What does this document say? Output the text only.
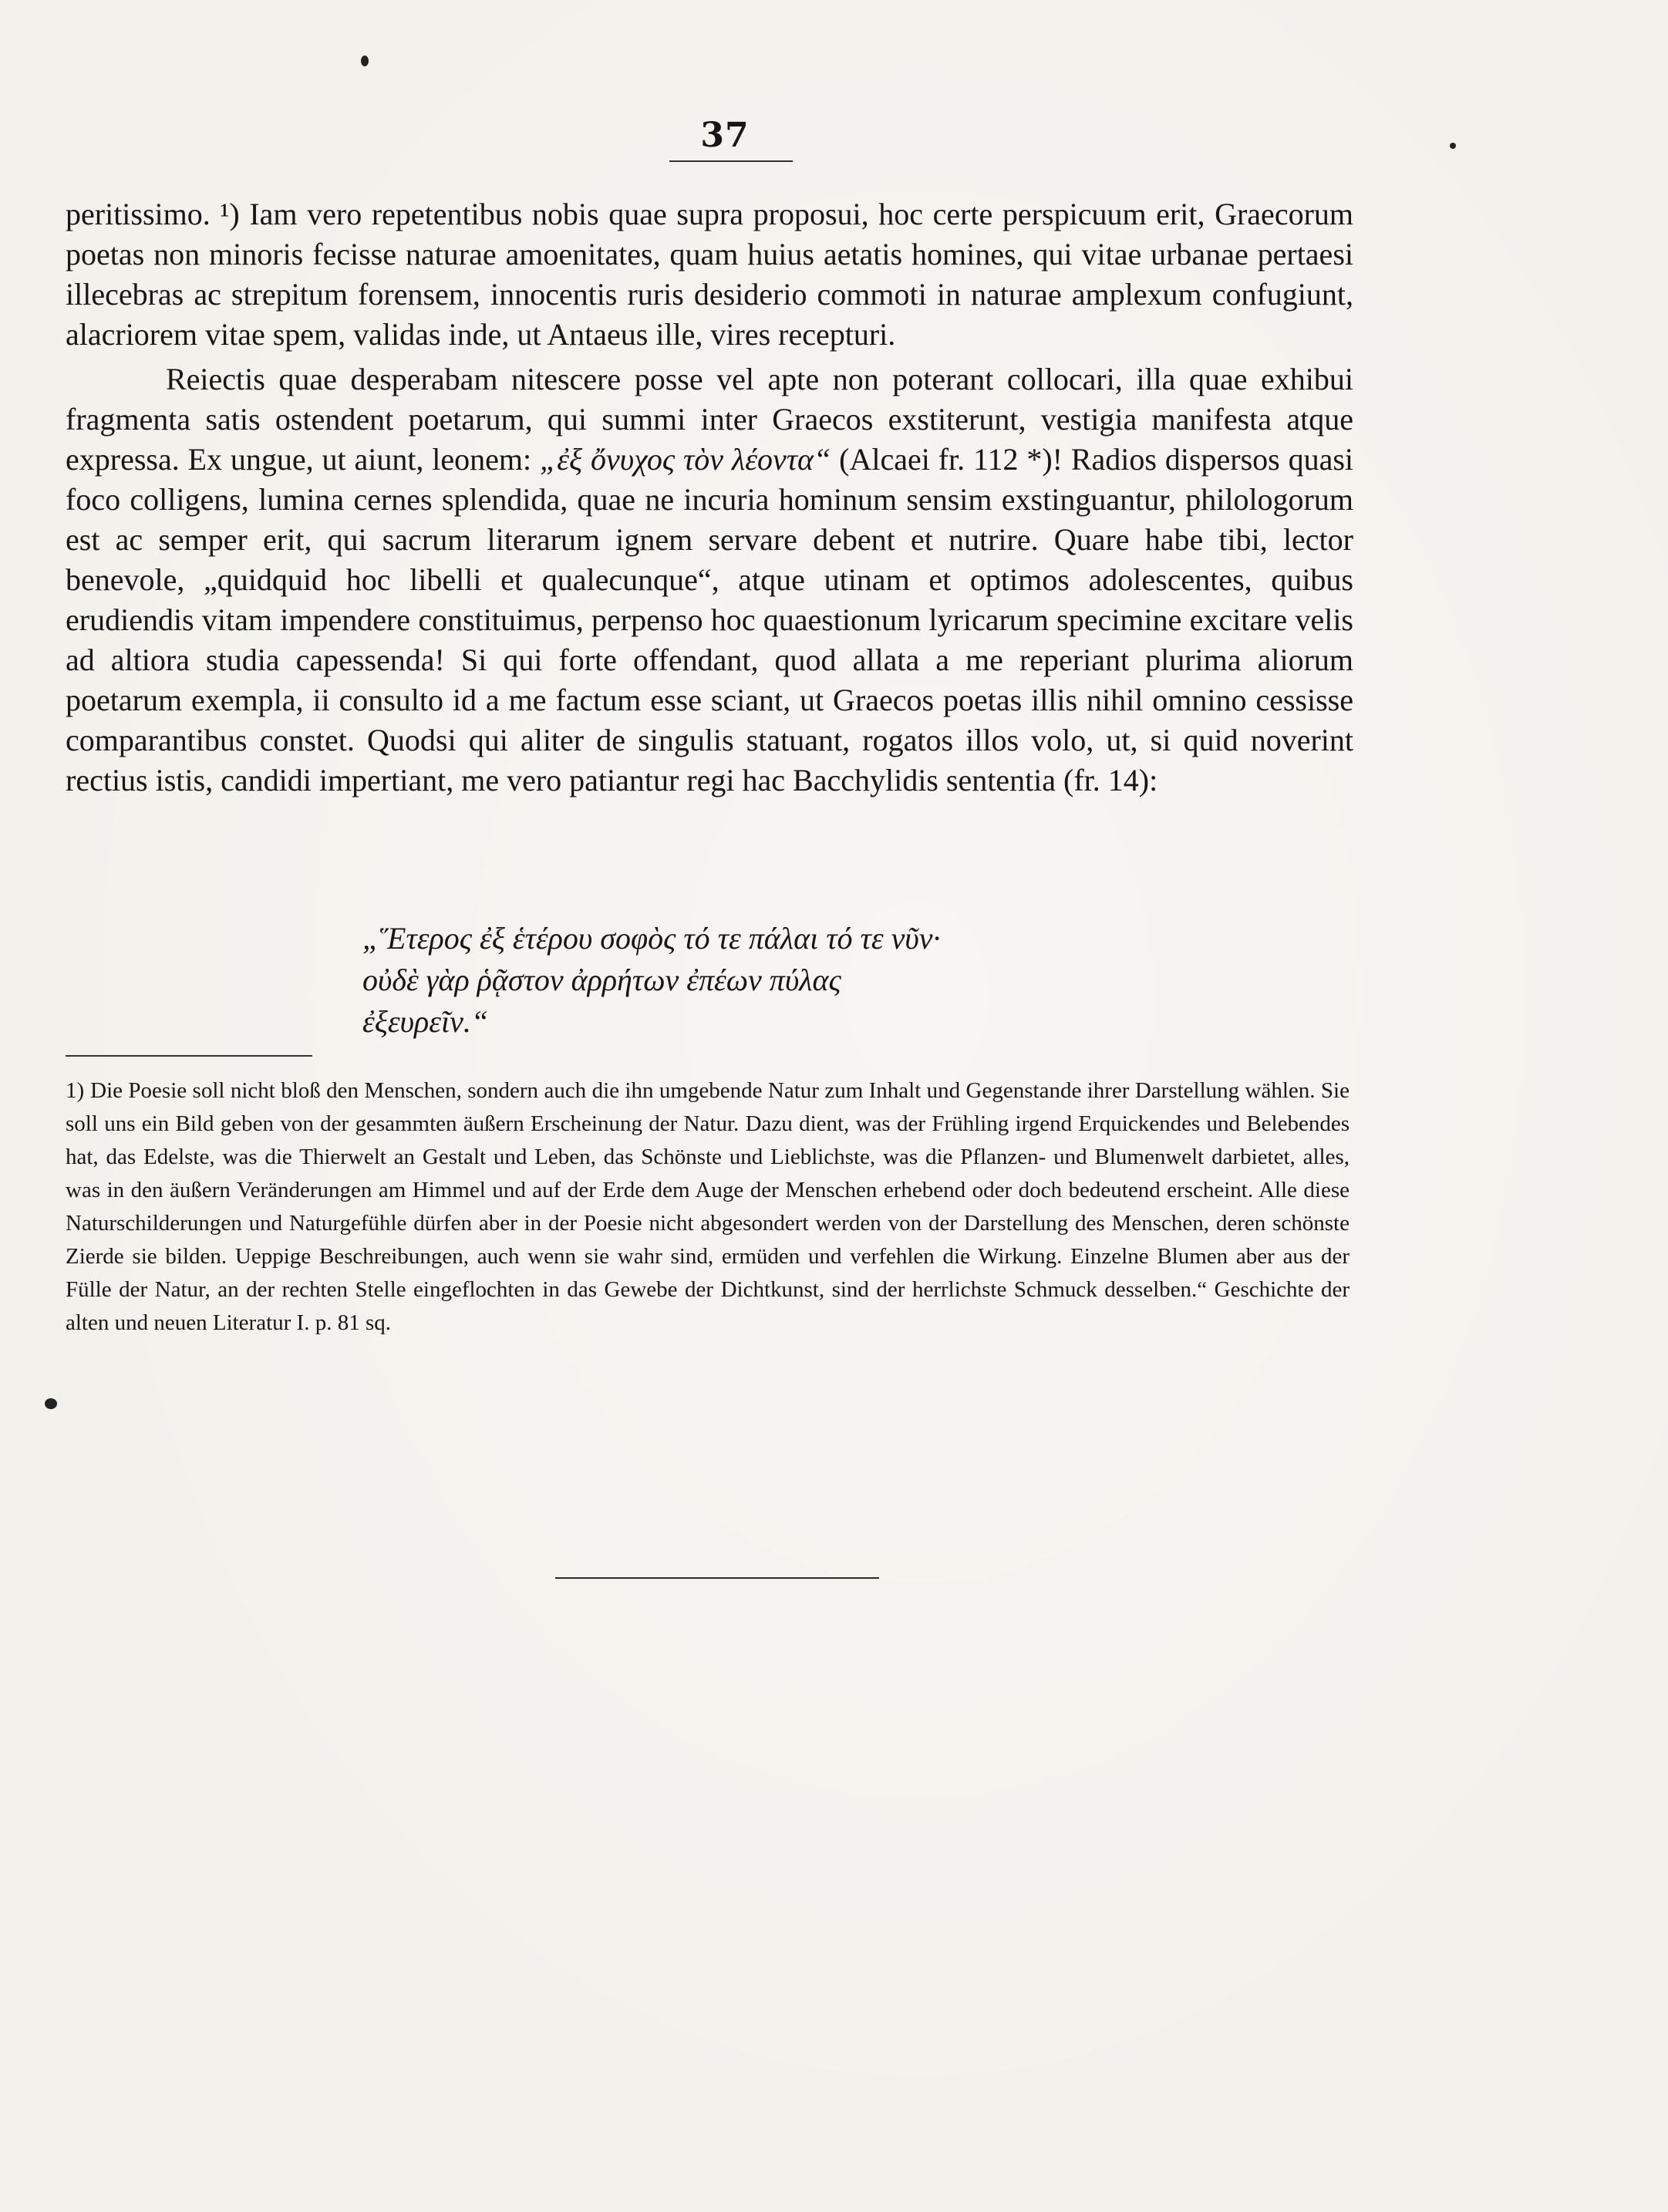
37

peritissimo. ¹) Iam vero repetentibus nobis quae supra proposui, hoc certe perspicuum erit, Graecorum poetas non minoris fecisse naturae amoenitates, quam huius aetatis homines, qui vitae urbanae pertaesi illecebras ac strepitum forensem, innocentis ruris desiderio commoti in naturae amplexum confugiunt, alacriorem vitae spem, validas inde, ut Antaeus ille, vires recepturi.

Reiectis quae desperabam nitescere posse vel apte non poterant collocari, illa quae exhibui fragmenta satis ostendent poetarum, qui summi inter Graecos exstiterunt, vestigia manifesta atque expressa. Ex ungue, ut aiunt, leonem: „ἐξ ὄνυχος τὸν λέοντα“ (Alcaei fr. 112 *)! Radios dispersos quasi foco colligens, lumina cernes splendida, quae ne incuria hominum sensim exstinguantur, philologorum est ac semper erit, qui sacrum literarum ignem servare debent et nutrire. Quare habe tibi, lector benevole, „quidquid hoc libelli et qualecunque“, atque utinam et optimos adolescentes, quibus erudiendis vitam impendere constituimus, perpenso hoc quaestionum lyricarum specimine excitare velis ad altiora studia capessenda! Si qui forte offendant, quod allata a me reperiant plurima aliorum poetarum exempla, ii consulto id a me factum esse sciant, ut Graecos poetas illis nihil omnino cessisse comparantibus constet. Quodsi qui aliter de singulis statuant, rogatos illos volo, ut, si quid noverint rectius istis, candidi impertiant, me vero patiantur regi hac Bacchylidis sententia (fr. 14):

„Ἕτερος ἐξ ἑτέρου σοφὸς τό τε πάλαι τό τε νῦν·
οὐδὲ γὰρ ῥᾷστον ἀρρήτων ἐπέων πύλας
ἐξευρεῖν.“
1) Die Poesie soll nicht bloß den Menschen, sondern auch die ihn umgebende Natur zum Inhalt und Gegenstande ihrer Darstellung wählen. Sie soll uns ein Bild geben von der gesammten äußern Erscheinung der Natur. Dazu dient, was der Frühling irgend Erquickendes und Belebendes hat, das Edelste, was die Thierwelt an Gestalt und Leben, das Schönste und Lieblichste, was die Pflanzen- und Blumenwelt darbietet, alles, was in den äußern Veränderungen am Himmel und auf der Erde dem Auge der Menschen erhebend oder doch bedeutend erscheint. Alle diese Naturschilderungen und Naturgefühle dürfen aber in der Poesie nicht abgesondert werden von der Darstellung des Menschen, deren schönste Zierde sie bilden. Ueppige Beschreibungen, auch wenn sie wahr sind, ermüden und verfehlen die Wirkung. Einzelne Blumen aber aus der Fülle der Natur, an der rechten Stelle eingeflochten in das Gewebe der Dichtkunst, sind der herrlichste Schmuck desselben.“ Geschichte der alten und neuen Literatur I. p. 81 sq.
